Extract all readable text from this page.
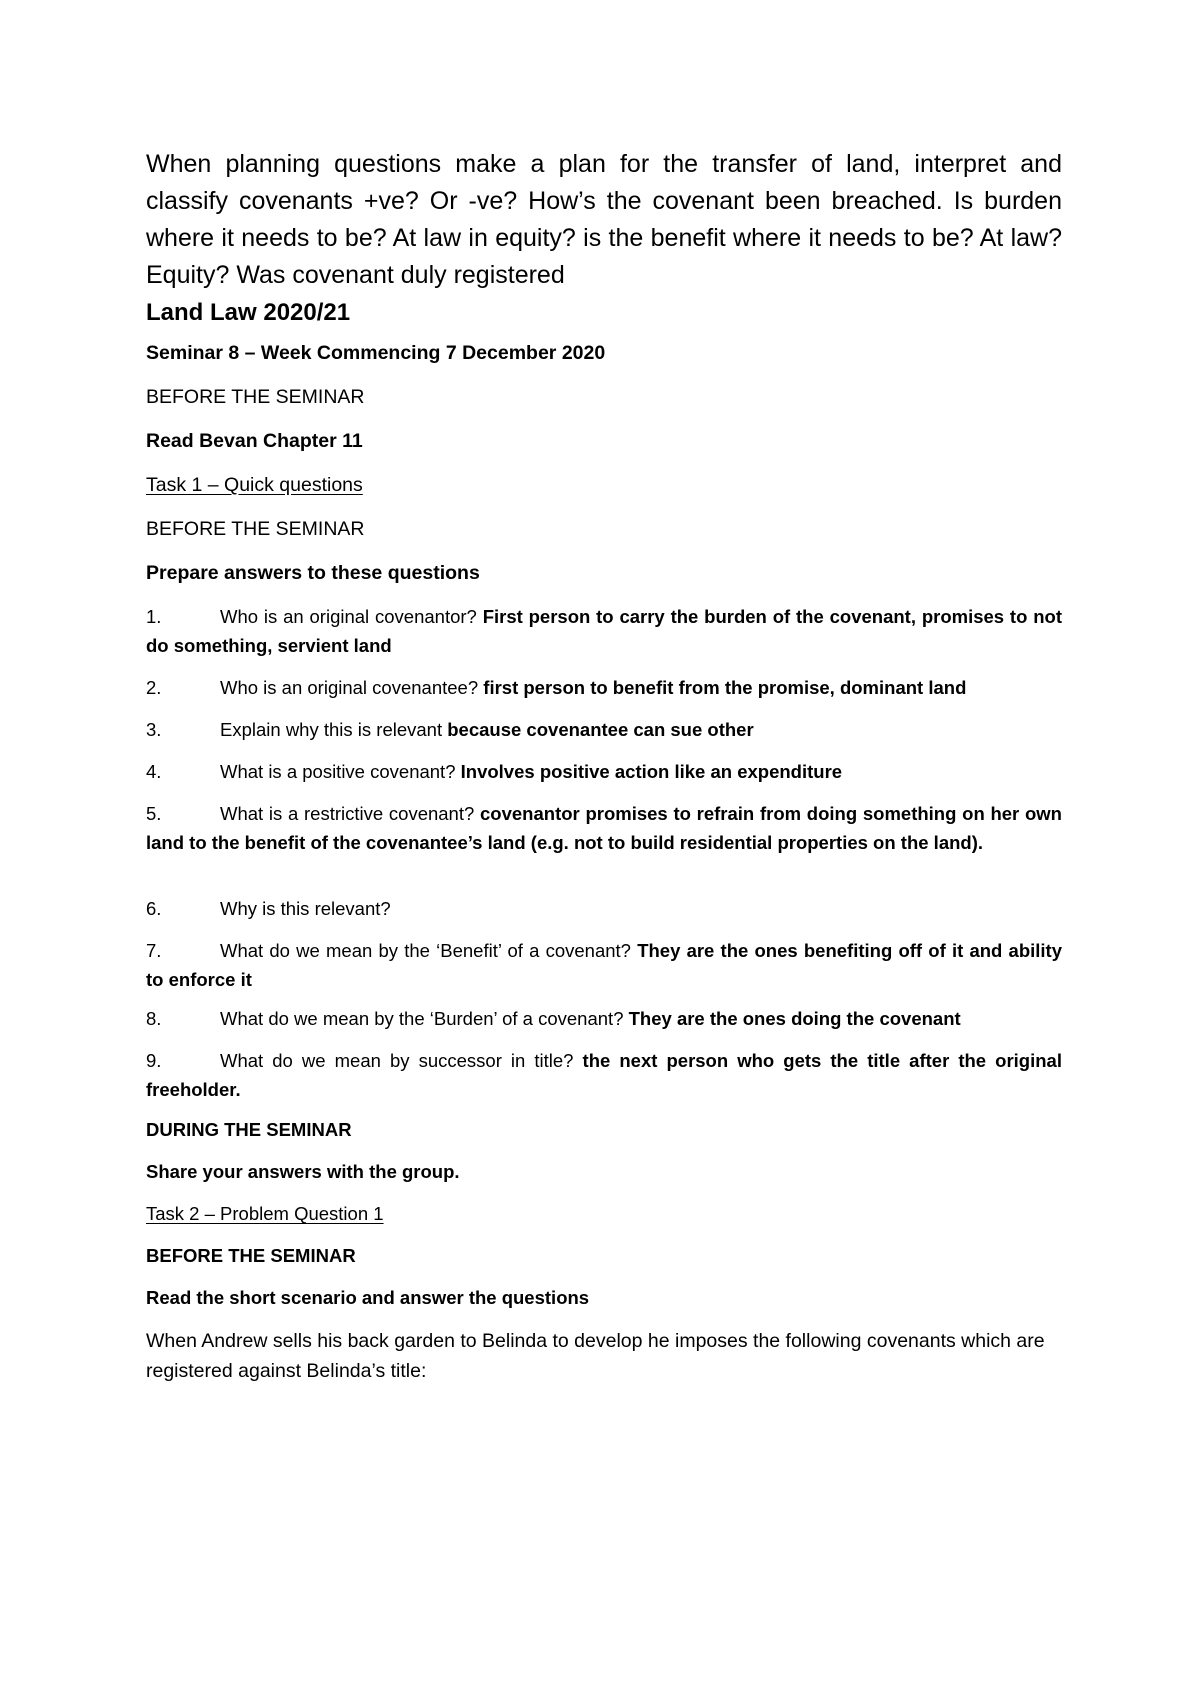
When planning questions make a plan for the transfer of land, interpret and classify covenants +ve? Or -ve? How’s the covenant been breached. Is burden where it needs to be? At law in equity? is the benefit where it needs to be? At law? Equity? Was covenant duly registered

Land Law 2020/21
Seminar 8 – Week Commencing 7 December 2020
BEFORE THE SEMINAR
Read Bevan Chapter 11
Task 1 – Quick questions
BEFORE THE SEMINAR
Prepare answers to these questions
1.	Who is an original covenantor? First person to carry the burden of the covenant, promises to not do something, servient land
2.	Who is an original covenantee? first person to benefit from the promise, dominant land
3.	Explain why this is relevant because covenantee can sue other
4.	What is a positive covenant? Involves positive action like an expenditure
5.	What is a restrictive covenant? covenantor promises to refrain from doing something on her own land to the benefit of the covenantee’s land (e.g. not to build residential properties on the land).
6.	Why is this relevant?
7.	What do we mean by the ‘Benefit’ of a covenant? They are the ones benefiting off of it and ability to enforce it
8.	What do we mean by the ‘Burden’ of a covenant? They are the ones doing the covenant
9.	What do we mean by successor in title? the next person who gets the title after the original freeholder.
DURING THE SEMINAR
Share your answers with the group.
Task 2 – Problem Question 1
BEFORE THE SEMINAR
Read the short scenario and answer the questions
When Andrew sells his back garden to Belinda to develop he imposes the following covenants which are registered against Belinda’s title:
